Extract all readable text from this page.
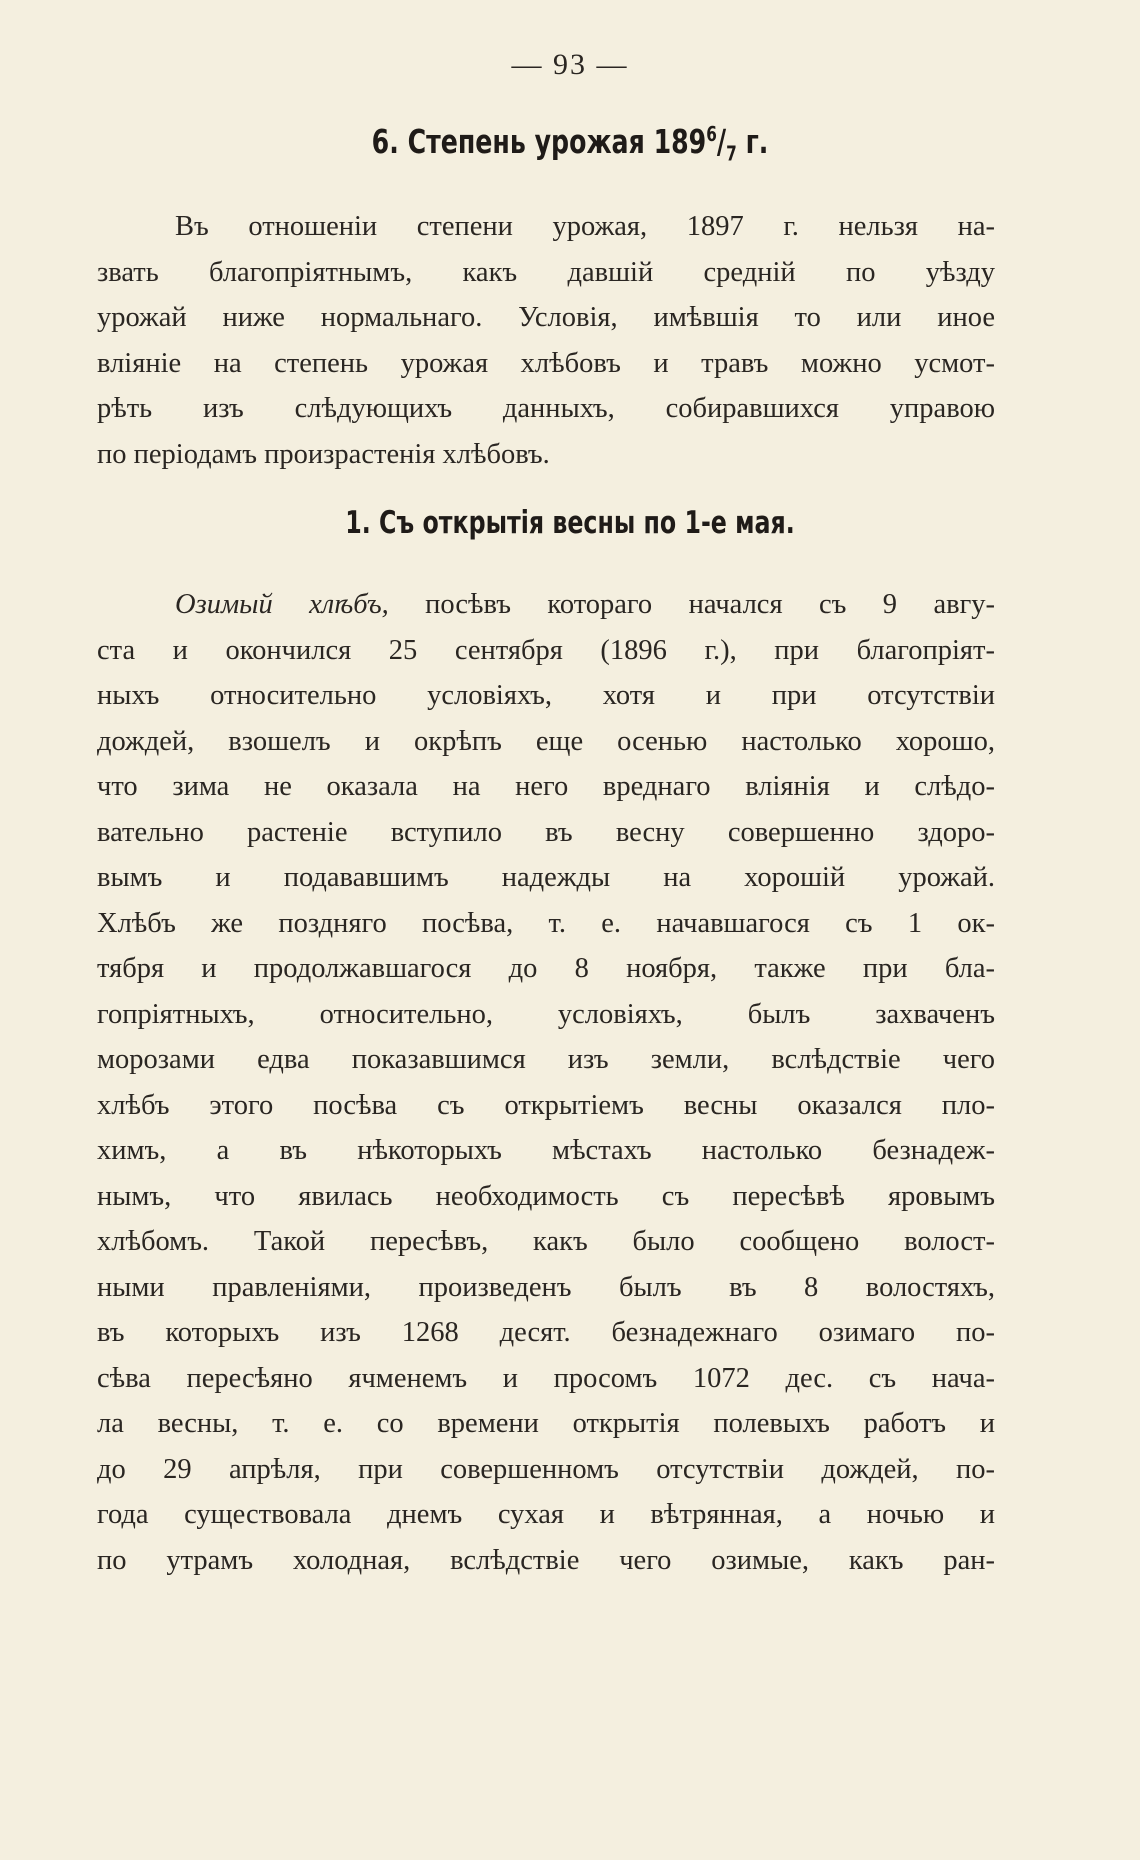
— 93 —
6. Степень урожая $189^6/_7$ г.
Въ отношеніи степени урожая, 1897 г. нельзя на-
звать благопріятнымъ, какъ давшій средній по уѣзду
урожай ниже нормальнаго. Условія, имѣвшія то или иное
вліяніе на степень урожая хлѣбовъ и травъ можно усмот-
рѣть изъ слѣдующихъ данныхъ, собиравшихся управою
по періодамъ произрастенія хлѣбовъ.
1. Съ открытія весны по 1-е мая.
Озимый хлѣбъ, посѣвъ котораго начался съ 9 авгу-
ста и окончился 25 сентября (1896 г.), при благопріят-
ныхъ относительно условіяхъ, хотя и при отсутствіи
дождей, взошелъ и окрѣпъ еще осенью настолько хорошо,
что зима не оказала на него вреднаго вліянія и слѣдо-
вательно растеніе вступило въ весну совершенно здоро-
вымъ и подававшимъ надежды на хорошій урожай.
Хлѣбъ же поздняго посѣва, т. е. начавшагося съ 1 ок-
тября и продолжавшагося до 8 ноября, также при бла-
гопріятныхъ, относительно, условіяхъ, былъ захваченъ
морозами едва показавшимся изъ земли, вслѣдствіе чего
хлѣбъ этого посѣва съ открытіемъ весны оказался пло-
химъ, а въ нѣкоторыхъ мѣстахъ настолько безнадеж-
нымъ, что явилась необходимость съ пересѣвѣ яровымъ
хлѣбомъ. Такой пересѣвъ, какъ было сообщено волост-
ными правленіями, произведенъ былъ въ 8 волостяхъ,
въ которыхъ изъ 1268 десят. безнадежнаго озимаго по-
сѣва пересѣяно ячменемъ и просомъ 1072 дес. съ нача-
ла весны, т. е. со времени открытія полевыхъ работъ и
до 29 апрѣля, при совершенномъ отсутствіи дождей, по-
года существовала днемъ сухая и вѣтрянная, а ночью и
по утрамъ холодная, вслѣдствіе чего озимые, какъ ран-
